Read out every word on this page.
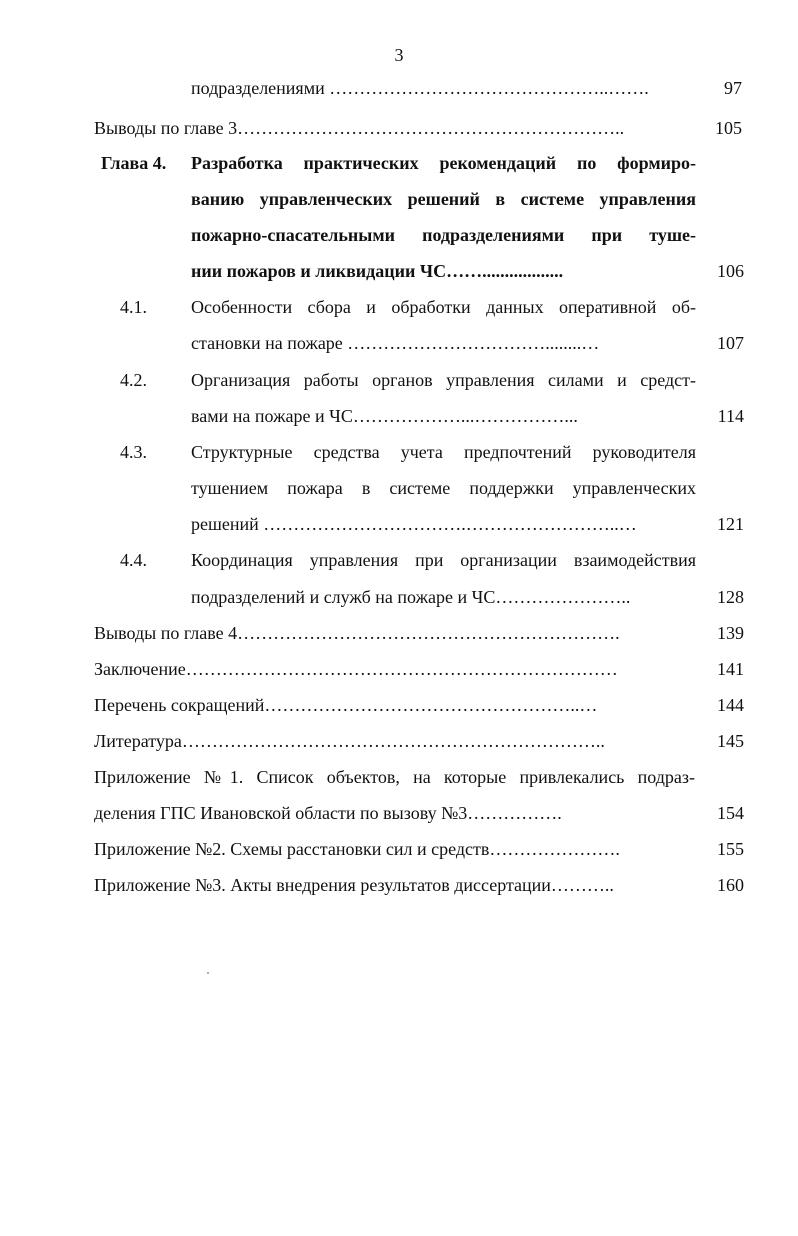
3
подразделениями ………………………………………..…….	97
Выводы по главе 3………………………………………………………..	105
Глава 4. Разработка практических рекомендаций по формиро-
ванию управленческих решений в системе управления
пожарно-спасательными подразделениями при туше-
нии пожаров и ликвидации ЧС……..................	106
4.1. Особенности сбора и обработки данных оперативной об-
становки на пожаре ……………………………........…	107
4.2. Организация работы органов управления силами и средст-
вами на пожаре и ЧС………………...……………...	114
4.3. Структурные средства учета предпочтений руководителя
тушением пожара в системе поддержки управленческих
решений …………………………….……………………..…	121
4.4. Координация управления при организации взаимодействия
подразделений и служб на пожаре и ЧС…………………..	128
Выводы по главе 4……………………………………………………….	139
Заключение………………………………………………………………	141
Перечень сокращений……………………………………………..…	144
Литература……………………………………………………………..	145
Приложение №1. Список объектов, на которые привлекались подраз-
деления ГПС Ивановской области по вызову №3…………….	154
Приложение №2. Схемы расстановки сил и средств………………….	155
Приложение №3. Акты внедрения результатов диссертации………..	160
